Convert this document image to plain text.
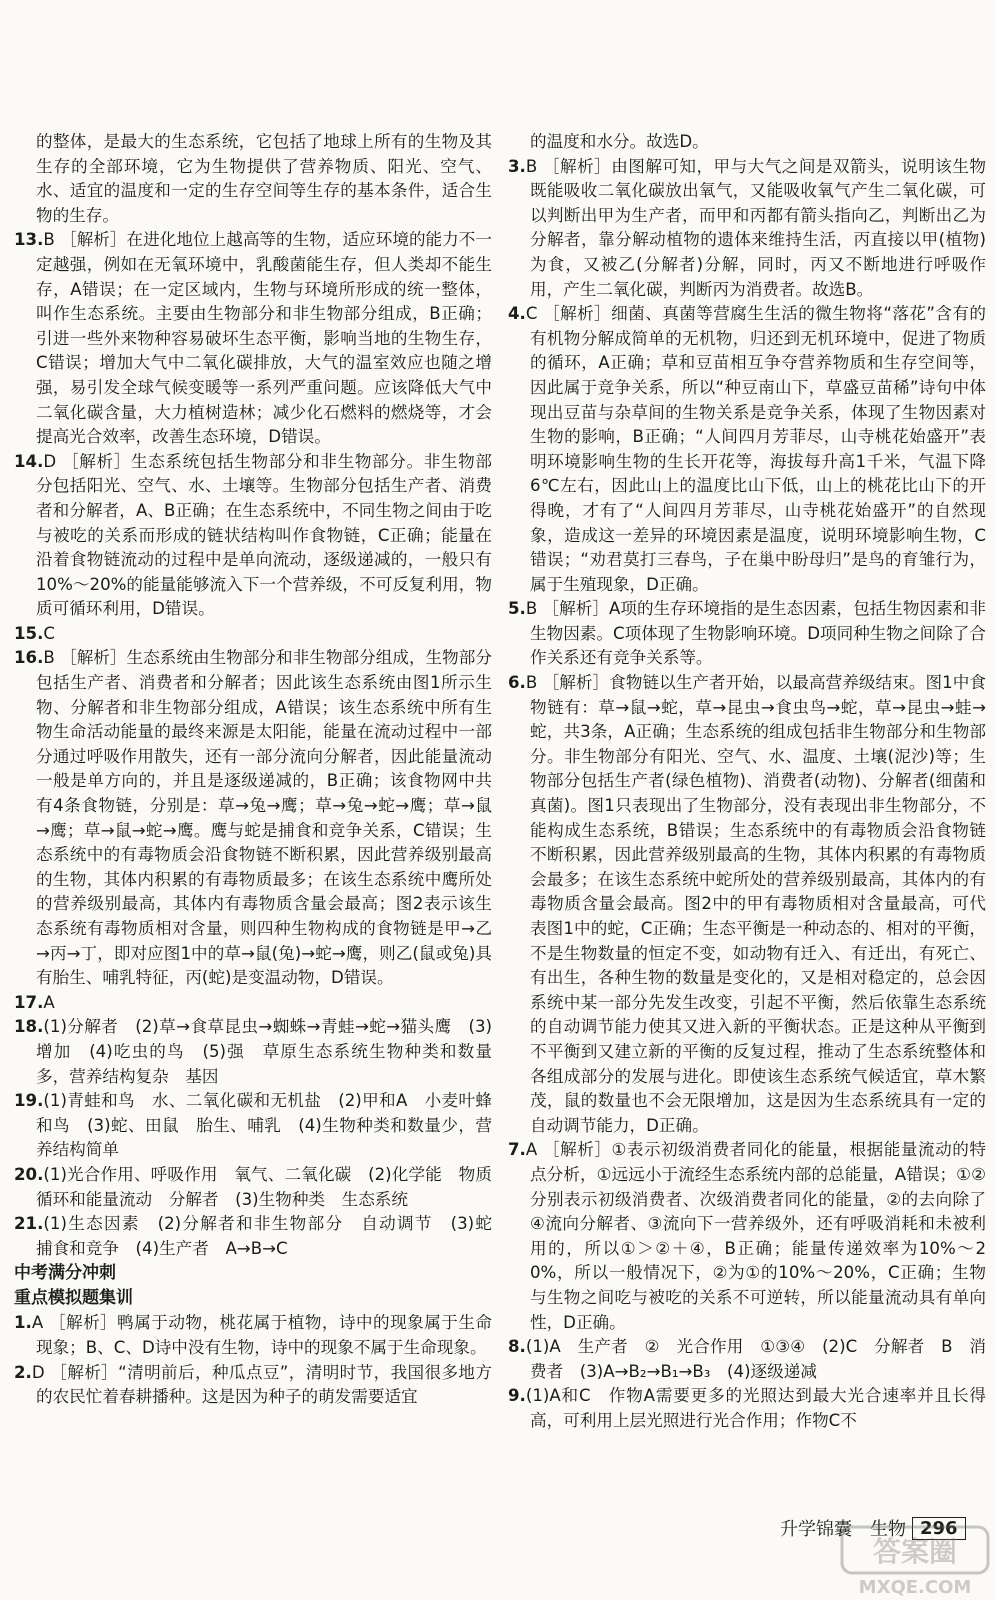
的整体，是最大的生态系统，它包括了地球上所有的生物及其生存的全部环境，它为生物提供了营养物质、阳光、空气、水、适宜的温度和一定的生存空间等生存的基本条件，适合生物的生存。

13.B ［解析］在进化地位上越高等的生物，适应环境的能力不一定越强，例如在无氧环境中，乳酸菌能生存，但人类却不能生存，A错误；在一定区域内，生物与环境所形成的统一整体，叫作生态系统。主要由生物部分和非生物部分组成，B正确；引进一些外来物种容易破坏生态平衡，影响当地的生物生存，C错误；增加大气中二氧化碳排放，大气的温室效应也随之增强，易引发全球气候变暖等一系列严重问题。应该降低大气中二氧化碳含量，大力植树造林；减少化石燃料的燃烧等，才会提高光合效率，改善生态环境，D错误。

14.D ［解析］生态系统包括生物部分和非生物部分。非生物部分包括阳光、空气、水、土壤等。生物部分包括生产者、消费者和分解者，A、B正确；在生态系统中，不同生物之间由于吃与被吃的关系而形成的链状结构叫作食物链，C正确；能量在沿着食物链流动的过程中是单向流动，逐级递减的，一般只有10%～20%的能量能够流入下一个营养级，不可反复利用，物质可循环利用，D错误。

15.C

16.B ［解析］生态系统由生物部分和非生物部分组成，生物部分包括生产者、消费者和分解者；因此该生态系统由图1所示生物、分解者和非生物部分组成，A错误；该生态系统中所有生物生命活动能量的最终来源是太阳能，能量在流动过程中一部分通过呼吸作用散失，还有一部分流向分解者，因此能量流动一般是单方向的，并且是逐级递减的，B正确；该食物网中共有4条食物链，分别是：草→兔→鹰；草→兔→蛇→鹰；草→鼠→鹰；草→鼠→蛇→鹰。鹰与蛇是捕食和竞争关系，C错误；生态系统中的有毒物质会沿食物链不断积累，因此营养级别最高的生物，其体内积累的有毒物质最多；在该生态系统中鹰所处的营养级别最高，其体内有毒物质含量会最高；图2表示该生态系统有毒物质相对含量，则四种生物构成的食物链是甲→乙→丙→丁，即对应图1中的草→鼠(兔)→蛇→鹰，则乙(鼠或兔)具有胎生、哺乳特征，丙(蛇)是变温动物，D错误。

17.A

18.(1)分解者　(2)草→食草昆虫→蜘蛛→青蛙→蛇→猫头鹰　(3)增加　(4)吃虫的鸟　(5)强　草原生态系统生物种类和数量多，营养结构复杂　基因

19.(1)青蛙和鸟　水、二氧化碳和无机盐　(2)甲和A　小麦叶蜂和鸟　(3)蛇、田鼠　胎生、哺乳　(4)生物种类和数量少，营养结构简单

20.(1)光合作用、呼吸作用　氧气、二氧化碳　(2)化学能　物质循环和能量流动　分解者　(3)生物种类　生态系统

21.(1)生态因素　(2)分解者和非生物部分　自动调节　(3)蛇　捕食和竞争　(4)生产者　A→B→C

中考满分冲刺

重点模拟题集训

1.A ［解析］鸭属于动物，桃花属于植物，诗中的现象属于生命现象；B、C、D诗中没有生物，诗中的现象不属于生命现象。

2.D ［解析］“清明前后，种瓜点豆”，清明时节，我国很多地方的农民忙着春耕播种。这是因为种子的萌发需要适宜

的温度和水分。故选D。

3.B ［解析］由图解可知，甲与大气之间是双箭头，说明该生物既能吸收二氧化碳放出氧气，又能吸收氧气产生二氧化碳，可以判断出甲为生产者，而甲和丙都有箭头指向乙，判断出乙为分解者，靠分解动植物的遗体来维持生活，丙直接以甲(植物)为食，又被乙(分解者)分解，同时，丙又不断地进行呼吸作用，产生二氧化碳，判断丙为消费者。故选B。

4.C ［解析］细菌、真菌等营腐生生活的微生物将“落花”含有的有机物分解成简单的无机物，归还到无机环境中，促进了物质的循环，A正确；草和豆苗相互争夺营养物质和生存空间等，因此属于竞争关系，所以“种豆南山下，草盛豆苗稀”诗句中体现出豆苗与杂草间的生物关系是竞争关系，体现了生物因素对生物的影响，B正确；“人间四月芳菲尽，山寺桃花始盛开”表明环境影响生物的生长开花等，海拔每升高1千米，气温下降6℃左右，因此山上的温度比山下低，山上的桃花比山下的开得晚，才有了“人间四月芳菲尽，山寺桃花始盛开”的自然现象，造成这一差异的环境因素是温度，说明环境影响生物，C错误；“劝君莫打三春鸟，子在巢中盼母归”是鸟的育雏行为，属于生殖现象，D正确。

5.B ［解析］A项的生存环境指的是生态因素，包括生物因素和非生物因素。C项体现了生物影响环境。D项同种生物之间除了合作关系还有竞争关系等。

6.B ［解析］食物链以生产者开始，以最高营养级结束。图1中食物链有：草→鼠→蛇，草→昆虫→食虫鸟→蛇，草→昆虫→蛙→蛇，共3条，A正确；生态系统的组成包括非生物部分和生物部分。非生物部分有阳光、空气、水、温度、土壤(泥沙)等；生物部分包括生产者(绿色植物)、消费者(动物)、分解者(细菌和真菌)。图1只表现出了生物部分，没有表现出非生物部分，不能构成生态系统，B错误；生态系统中的有毒物质会沿食物链不断积累，因此营养级别最高的生物，其体内积累的有毒物质会最多；在该生态系统中蛇所处的营养级别最高，其体内的有毒物质含量会最高。图2中的甲有毒物质相对含量最高，可代表图1中的蛇，C正确；生态平衡是一种动态的、相对的平衡，不是生物数量的恒定不变，如动物有迁入、有迁出，有死亡、有出生，各种生物的数量是变化的，又是相对稳定的，总会因系统中某一部分先发生改变，引起不平衡，然后依靠生态系统的自动调节能力使其又进入新的平衡状态。正是这种从平衡到不平衡到又建立新的平衡的反复过程，推动了生态系统整体和各组成部分的发展与进化。即使该生态系统气候适宜，草木繁茂，鼠的数量也不会无限增加，这是因为生态系统具有一定的自动调节能力，D正确。

7.A ［解析］①表示初级消费者同化的能量，根据能量流动的特点分析，①远远小于流经生态系统内部的总能量，A错误；①②分别表示初级消费者、次级消费者同化的能量，②的去向除了④流向分解者、③流向下一营养级外，还有呼吸消耗和未被利用的，所以①＞②＋④，B正确；能量传递效率为10%～20%，所以一般情况下，②为①的10%～20%，C正确；生物与生物之间吃与被吃的关系不可逆转，所以能量流动具有单向性，D正确。

8.(1)A　生产者　②　光合作用　①③④　(2)C　分解者　B　消费者　(3)A→B₂→B₁→B₃　(4)逐级递减

9.(1)A和C　作物A需要更多的光照达到最大光合速率并且长得高，可利用上层光照进行光合作用；作物C不

升学锦囊　生物 296
答案圈
MXQE.COM
